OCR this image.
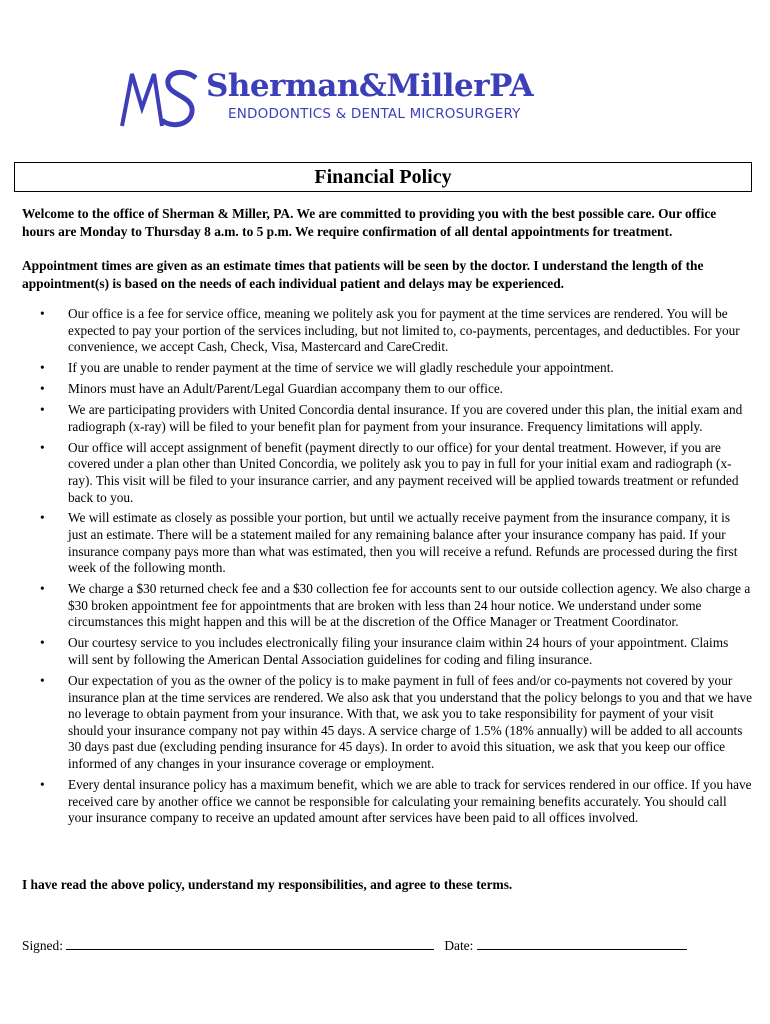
Sherman&MillerPA
ENDODONTICS & DENTAL MICROSURGERY
Financial Policy

Welcome to the office of Sherman & Miller, PA. We are committed to providing you with the best possible care. Our office hours are Monday to Thursday 8 a.m. to 5 p.m. We require confirmation of all dental appointments for treatment.

Appointment times are given as an estimate times that patients will be seen by the doctor. I understand the length of the appointment(s) is based on the needs of each individual patient and delays may be experienced.

• Our office is a fee for service office, meaning we politely ask you for payment at the time services are rendered. You will be expected to pay your portion of the services including, but not limited to, co-payments, percentages, and deductibles. For your convenience, we accept Cash, Check, Visa, Mastercard and CareCredit.
• If you are unable to render payment at the time of service we will gladly reschedule your appointment.
• Minors must have an Adult/Parent/Legal Guardian accompany them to our office.
• We are participating providers with United Concordia dental insurance. If you are covered under this plan, the initial exam and radiograph (x-ray) will be filed to your benefit plan for payment from your insurance. Frequency limitations will apply.
• Our office will accept assignment of benefit (payment directly to our office) for your dental treatment. However, if you are covered under a plan other than United Concordia, we politely ask you to pay in full for your initial exam and radiograph (x-ray). This visit will be filed to your insurance carrier, and any payment received will be applied towards treatment or refunded back to you.
• We will estimate as closely as possible your portion, but until we actually receive payment from the insurance company, it is just an estimate. There will be a statement mailed for any remaining balance after your insurance company has paid. If your insurance company pays more than what was estimated, then you will receive a refund. Refunds are processed during the first week of the following month.
• We charge a $30 returned check fee and a $30 collection fee for accounts sent to our outside collection agency. We also charge a $30 broken appointment fee for appointments that are broken with less than 24 hour notice. We understand under some circumstances this might happen and this will be at the discretion of the Office Manager or Treatment Coordinator.
• Our courtesy service to you includes electronically filing your insurance claim within 24 hours of your appointment. Claims will sent by following the American Dental Association guidelines for coding and filing insurance.
• Our expectation of you as the owner of the policy is to make payment in full of fees and/or co-payments not covered by your insurance plan at the time services are rendered. We also ask that you understand that the policy belongs to you and that we have no leverage to obtain payment from your insurance. With that, we ask you to take responsibility for payment of your visit should your insurance company not pay within 45 days. A service charge of 1.5% (18% annually) will be added to all accounts 30 days past due (excluding pending insurance for 45 days). In order to avoid this situation, we ask that you keep our office informed of any changes in your insurance coverage or employment.
• Every dental insurance policy has a maximum benefit, which we are able to track for services rendered in our office. If you have received care by another office we cannot be responsible for calculating your remaining benefits accurately. You should call your insurance company to receive an updated amount after services have been paid to all offices involved.

I have read the above policy, understand my responsibilities, and agree to these terms.

Signed:	Date:
